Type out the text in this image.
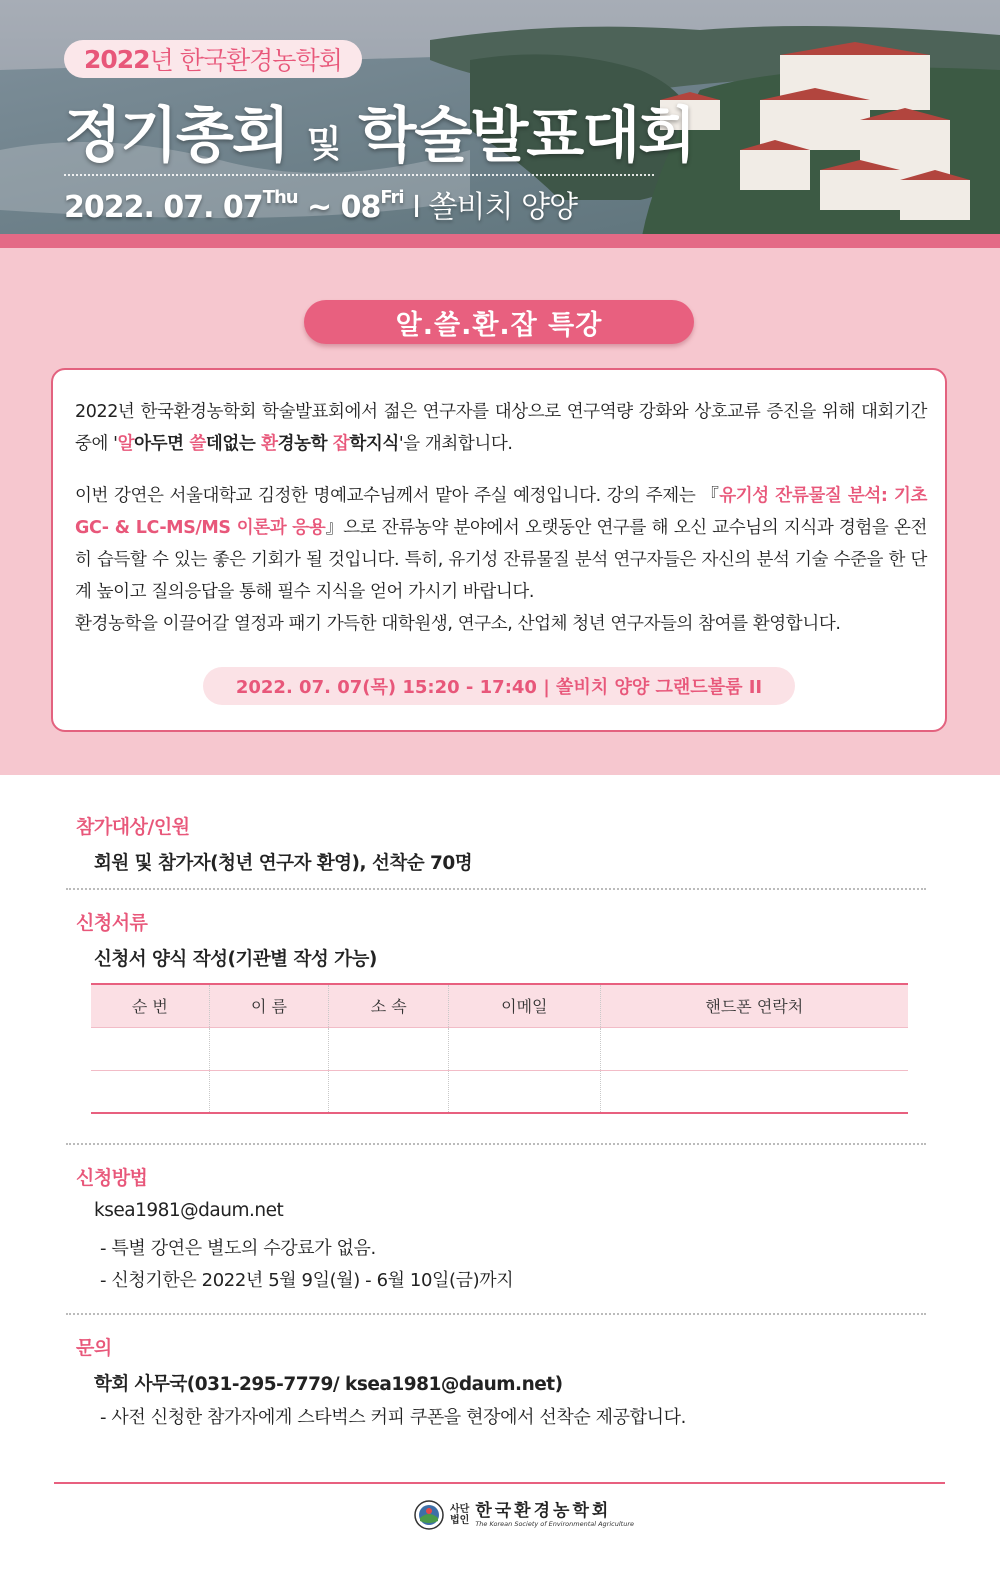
2022 년 한국환경농학회
정기총회 및 학술발표대회
2022. 07. $07^{Thu}$ ~ $08^{Fri}$ I 쏠비치 양양
알.쓸.환.잡 특강

2022년 한국환경농학회 학술발표회에서 젊은 연구자를 대상으로 연구역량 강화와 상호교류 증진을 위해 대회기간 중에 '알아두면 쓸데없는 환경농학 잡학지식'을 개최합니다.

이번 강연은 서울대학교 김정한 명예교수님께서 맡아 주실 예정입니다. 강의 주제는 『유기성 잔류물질 분석: 기초 GC- & LC-MS/MS 이론과 응용』으로 잔류농약 분야에서 오랫동안 연구를 해 오신 교수님의 지식과 경험을 온전히 습득할 수 있는 좋은 기회가 될 것입니다. 특히, 유기성 잔류물질 분석 연구자들은 자신의 분석 기술 수준을 한 단계 높이고 질의응답을 통해 필수 지식을 얻어 가시기 바랍니다.
환경농학을 이끌어갈 열정과 패기 가득한 대학원생, 연구소, 산업체 청년 연구자들의 참여를 환영합니다.

2022. 07. 07(목) 15:20 - 17:40 | 쏠비치 양양 그랜드볼룸 II
참가대상/인원
회원 및 참가자(청년 연구자 환영), 선착순 70명
신청서류
신청서 양식 작성(기관별 작성 가능)
순 번	이 름	소 속	이메일	핸드폰 연락처

신청방법
ksea1981@daum.net
- 특별 강연은 별도의 수강료가 없음.
- 신청기한은 2022년 5월 9일(월) - 6월 10일(금)까지
문의
학회 사무국(031-295-7779/ ksea1981@daum.net)
- 사전 신청한 참가자에게 스타벅스 커피 쿠폰을 현장에서 선착순 제공합니다.
사단
법인 한국환경농학회
The Korean Society of Environmental Agriculture
